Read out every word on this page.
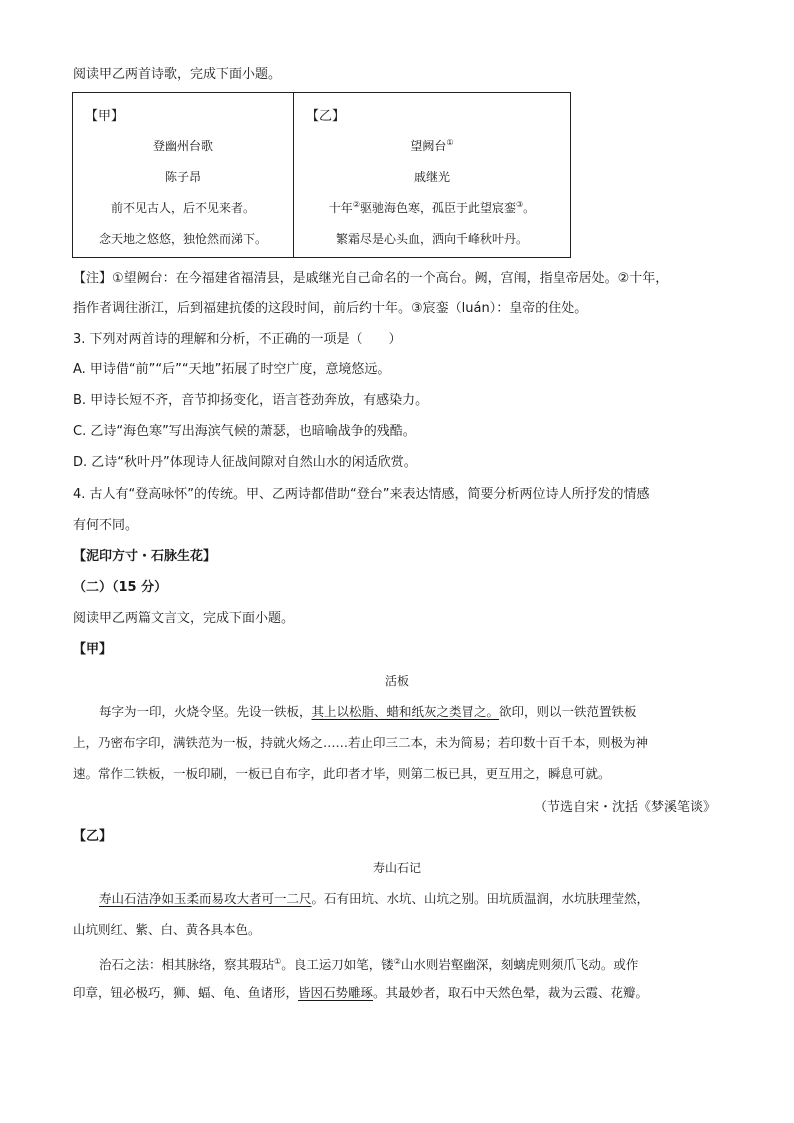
阅读甲乙两首诗歌，完成下面小题。
【甲】
登幽州台歌
陈子昂
前不见古人，后不见来者。
念天地之悠悠，独怆然而涕下。
【乙】
望阙台①
戚继光
十年②驱驰海色寒，孤臣于此望宸銮③。
繁霜尽是心头血，洒向千峰秋叶丹。
【注】①望阙台：在今福建省福清县，是戚继光自己命名的一个高台。阙，宫闱，指皇帝居处。②十年，
指作者调往浙江，后到福建抗倭的这段时间，前后约十年。③宸銮（luán）：皇帝的住处。
3. 下列对两首诗的理解和分析，不正确的一项是（　　）
A. 甲诗借“前”“后”“天地”拓展了时空广度，意境悠远。
B. 甲诗长短不齐，音节抑扬变化，语言苍劲奔放，有感染力。
C. 乙诗“海色寒”写出海滨气候的萧瑟，也暗喻战争的残酷。
D. 乙诗“秋叶丹”体现诗人征战间隙对自然山水的闲适欣赏。
4. 古人有“登高咏怀”的传统。甲、乙两诗都借助“登台”来表达情感，简要分析两位诗人所抒发的情感
有何不同。
【泥印方寸・石脉生花】
（二）（15 分）
阅读甲乙两篇文言文，完成下面小题。
【甲】
活板
每字为一印，火烧令坚。先设一铁板，其上以松脂、蜡和纸灰之类冒之。欲印，则以一铁范置铁板
上，乃密布字印，满铁范为一板，持就火炀之……若止印三二本，未为简易；若印数十百千本，则极为神
速。常作二铁板，一板印刷，一板已自布字，此印者才毕，则第二板已具，更互用之，瞬息可就。
（节选自宋・沈括《梦溪笔谈》
【乙】
寿山石记
寿山石洁净如玉柔而易攻大者可一二尺。石有田坑、水坑、山坑之别。田坑质温润，水坑肤理莹然，
山坑则红、紫、白、黄各具本色。
治石之法：相其脉络，察其瑕玷①。良工运刀如笔，镂②山水则岩壑幽深，刻螭虎则须爪飞动。或作
印章，钮必极巧，狮、蝠、龟、鱼诸形，皆因石势雕琢。其最妙者，取石中天然色晕，裁为云霞、花瓣。
